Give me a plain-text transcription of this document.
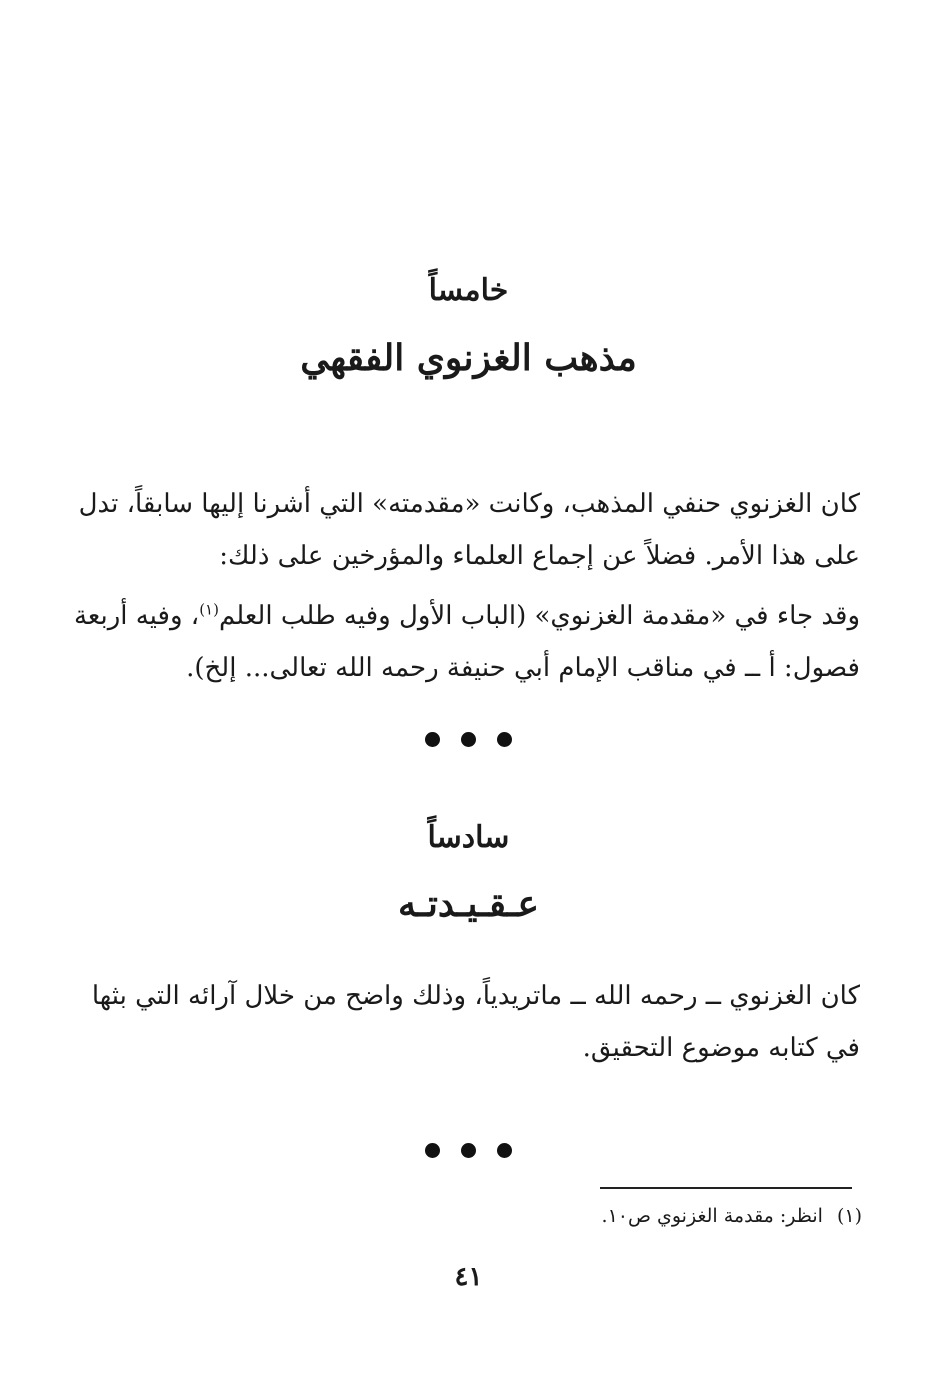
خامساً
مذهب الغزنوي الفقهي

كان الغزنوي حنفي المذهب، وكانت «مقدمته» التي أشرنا إليها سابقاً، تدل
على هذا الأمر. فضلاً عن إجماع العلماء والمؤرخين على ذلك:

وقد جاء في «مقدمة الغزنوي» (الباب الأول وفيه طلب العلم$^{(١)}$، وفيه أربعة
فصول: أ ــ في مناقب الإمام أبي حنيفة رحمه الله تعالى... إلخ).

سادساً
عـقـيـدتـه

كان الغزنوي ــ رحمه الله ــ ماتريدياً، وذلك واضح من خلال آرائه التي بثها
في كتابه موضوع التحقيق.

(١)انظر: مقدمة الغزنوي ص١٠.
٤١
